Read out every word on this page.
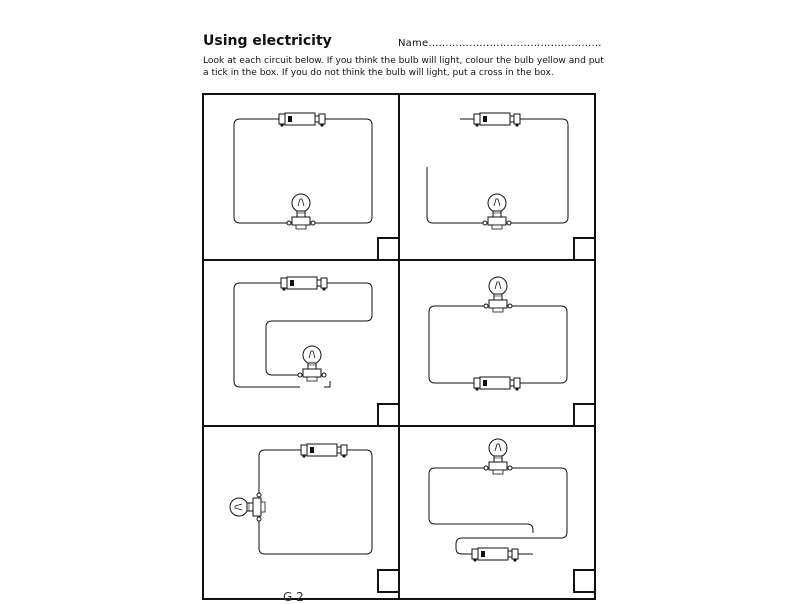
Using electricity	Name……………………………………………
Look at each circuit below. If you think the bulb will light, colour the bulb yellow and put a tick in the box. If you do not think the bulb will light, put a cross in the box.
G 2
